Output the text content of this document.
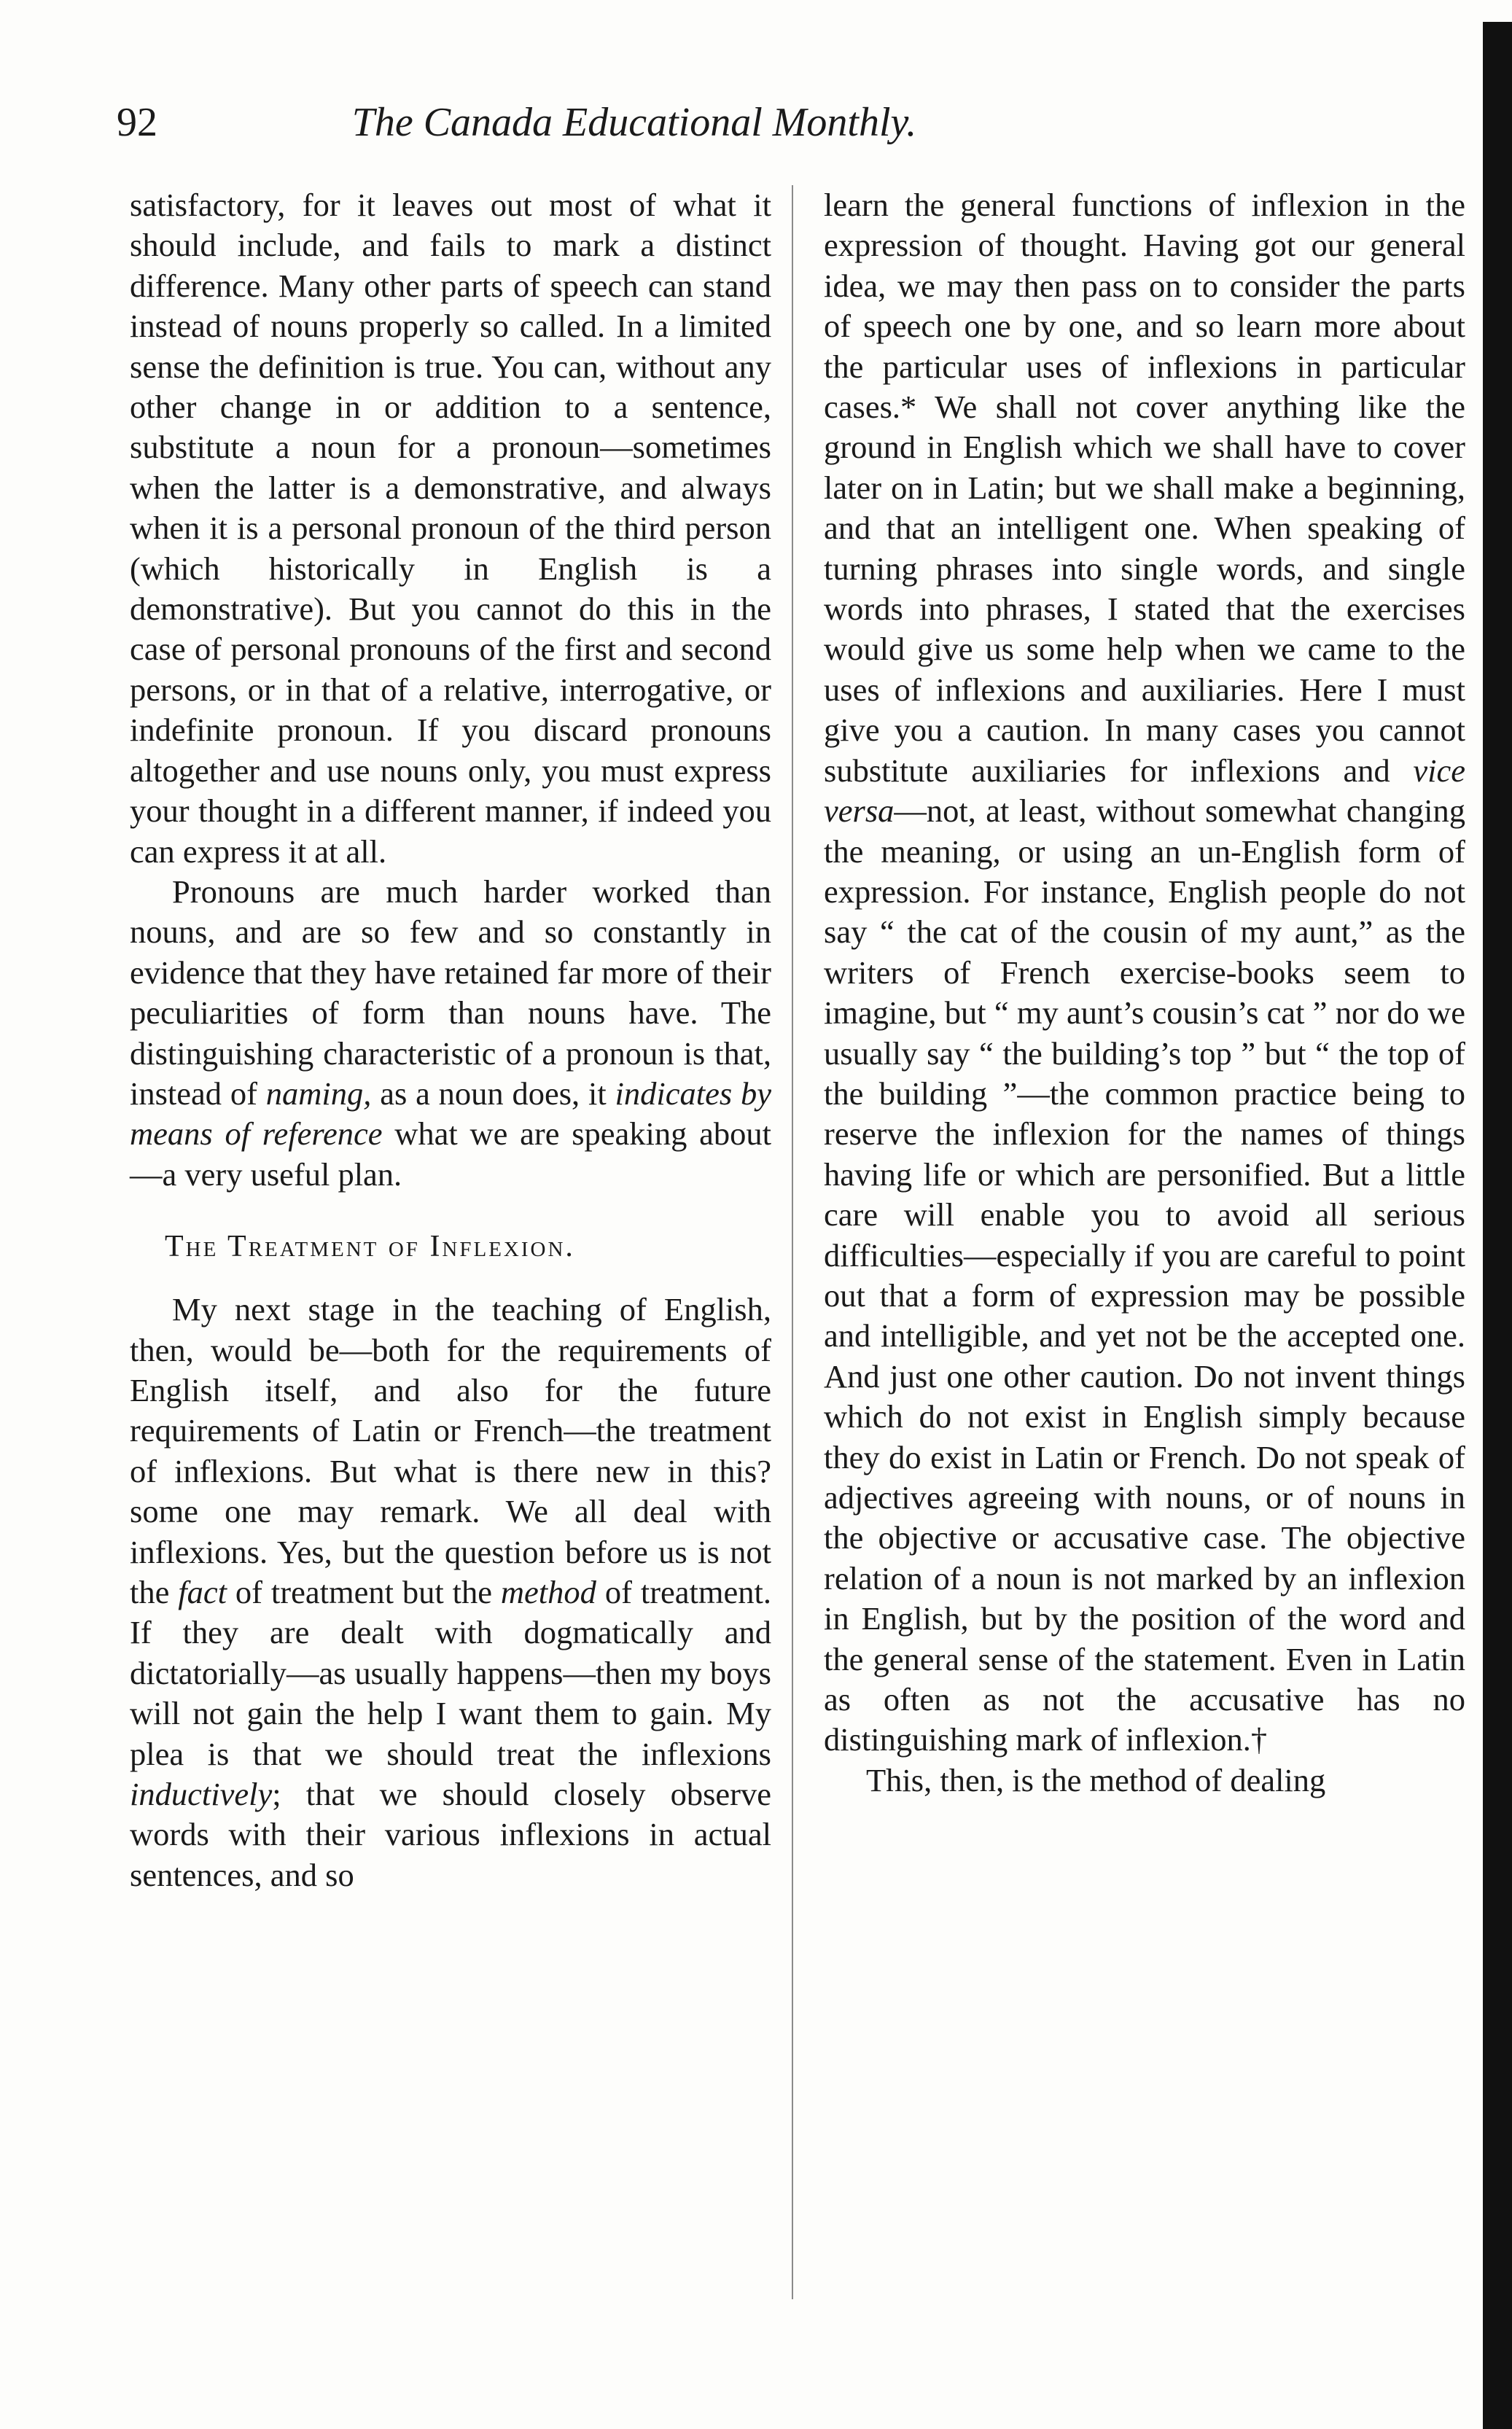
92	The Canada Educational Monthly.

satisfactory, for it leaves out most of what it should include, and fails to mark a distinct difference. Many other parts of speech can stand instead of nouns properly so called. In a limited sense the definition is true. You can, without any other change in or addition to a sentence, substitute a noun for a pronoun—sometimes when the latter is a demonstrative, and always when it is a personal pronoun of the third person (which historically in English is a demonstrative). But you cannot do this in the case of personal pronouns of the first and second persons, or in that of a relative, interrogative, or indefinite pronoun. If you discard pronouns altogether and use nouns only, you must express your thought in a different manner, if indeed you can express it at all.

Pronouns are much harder worked than nouns, and are so few and so constantly in evidence that they have retained far more of their peculiarities of form than nouns have. The distinguishing characteristic of a pronoun is that, instead of naming, as a noun does, it indicates by means of reference what we are speaking about—a very useful plan.

The Treatment of Inflexion.

My next stage in the teaching of English, then, would be—both for the requirements of English itself, and also for the future requirements of Latin or French—the treatment of inflexions. But what is there new in this? some one may remark. We all deal with inflexions. Yes, but the question before us is not the fact of treatment but the method of treatment. If they are dealt with dogmatically and dictatorially—as usually happens—then my boys will not gain the help I want them to gain. My plea is that we should treat the inflexions inductively; that we should closely observe words with their various inflexions in actual sentences, and so

learn the general functions of inflexion in the expression of thought. Having got our general idea, we may then pass on to consider the parts of speech one by one, and so learn more about the particular uses of inflexions in particular cases.* We shall not cover anything like the ground in English which we shall have to cover later on in Latin; but we shall make a beginning, and that an intelligent one. When speaking of turning phrases into single words, and single words into phrases, I stated that the exercises would give us some help when we came to the uses of inflexions and auxiliaries. Here I must give you a caution. In many cases you cannot substitute auxiliaries for inflexions and vice versa—not, at least, without somewhat changing the meaning, or using an un-English form of expression. For instance, English people do not say “ the cat of the cousin of my aunt,” as the writers of French exercise-books seem to imagine, but “ my aunt’s cousin’s cat ” nor do we usually say “ the building’s top ” but “ the top of the building ”—the common practice being to reserve the inflexion for the names of things having life or which are personified. But a little care will enable you to avoid all serious difficulties—especially if you are careful to point out that a form of expression may be possible and intelligible, and yet not be the accepted one. And just one other caution. Do not invent things which do not exist in English simply because they do exist in Latin or French. Do not speak of adjectives agreeing with nouns, or of nouns in the objective or accusative case. The objective relation of a noun is not marked by an inflexion in English, but by the position of the word and the general sense of the statement. Even in Latin as often as not the accusative has no distinguishing mark of inflexion.†

This, then, is the method of dealing
